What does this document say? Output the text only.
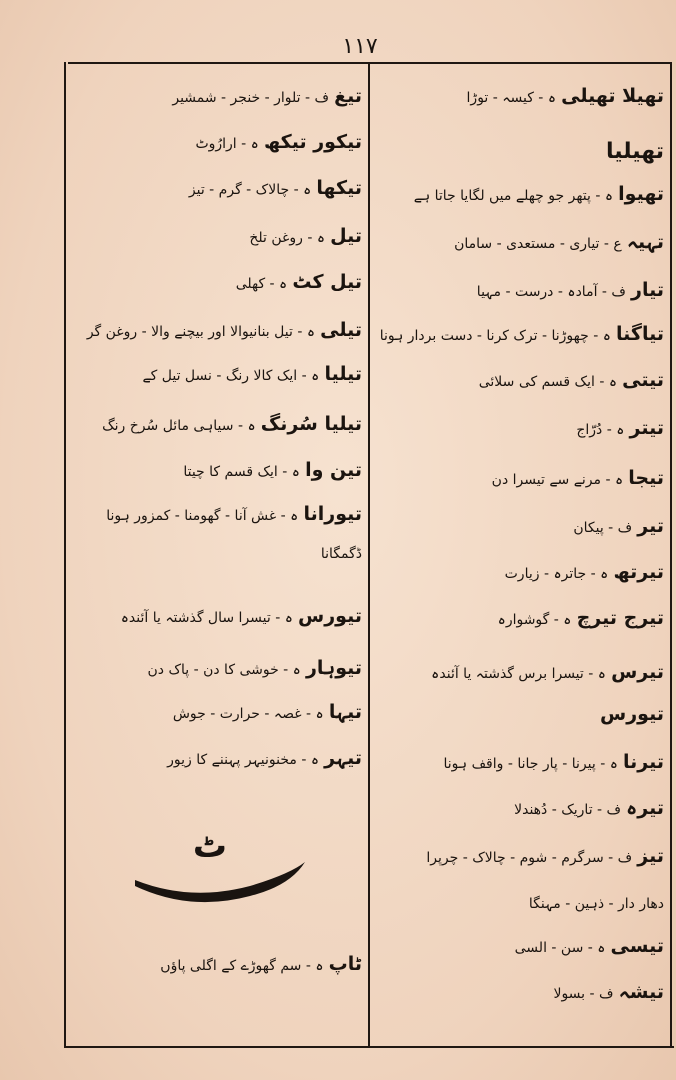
۱۱۷
تھیلا تھیلی ہ - کیسہ - توڑا
تھیلیا
تھیوا ہ - پتھر جو چھلے میں لگایا جاتا ہے
تہیہ ع - تیاری - مستعدی - سامان
تیار ف - آمادہ - درست - مہیا
تیاگنا ہ - چھوڑنا - ترک کرنا - دست بردار ہونا
تیتی ہ - ایک قسم کی سلائی
تیتر ہ - دُرّاج
تیجا ہ - مرنے سے تیسرا دن
تیر ف - پیکان
تیرتھ ہ - جاترہ - زیارت
تیرج تیرچ ہ - گوشوارہ
تیرس ہ - تیسرا برس گذشتہ یا آئندہ
تیورس
تیرنا ہ - پیرنا - پار جانا - واقف ہونا
تیرہ ف - تاریک - دُھندلا
تیز ف - سرگرم - شوم - چالاک - چرپرا
دھار دار - ذہین - مہنگا
تیسی ہ - سن - السی
تیشہ ف - بسولا
تیغ ف - تلوار - خنجر - شمشیر
تیکور تیکھ ہ - ارارُوٹ
تیکھا ہ - چالاک - گرم - تیز
تیل ہ - روغن تلخ
تیل کٹ ہ - کھلی
تیلی ہ - تیل بنانیوالا اور بیچنے والا - روغن گر
تیلیا ہ - ایک کالا رنگ - نسل تیل کے
تیلیا سُرنگ ہ - سیاہی مائل سُرخ رنگ
تین وا ہ - ایک قسم کا چیتا
تیورانا ہ - غش آنا - گھومنا - کمزور ہونا
ڈگمگانا
تیورس ہ - تیسرا سال گذشتہ یا آئندہ
تیوہار ہ - خوشی کا دن - پاک دن
تیہا ہ - غصہ - حرارت - جوش
تیہر ہ - مخنونیہر پہننے کا زیور
ٹاپ ہ - سم گھوڑے کے اگلی پاؤں
ٹ
